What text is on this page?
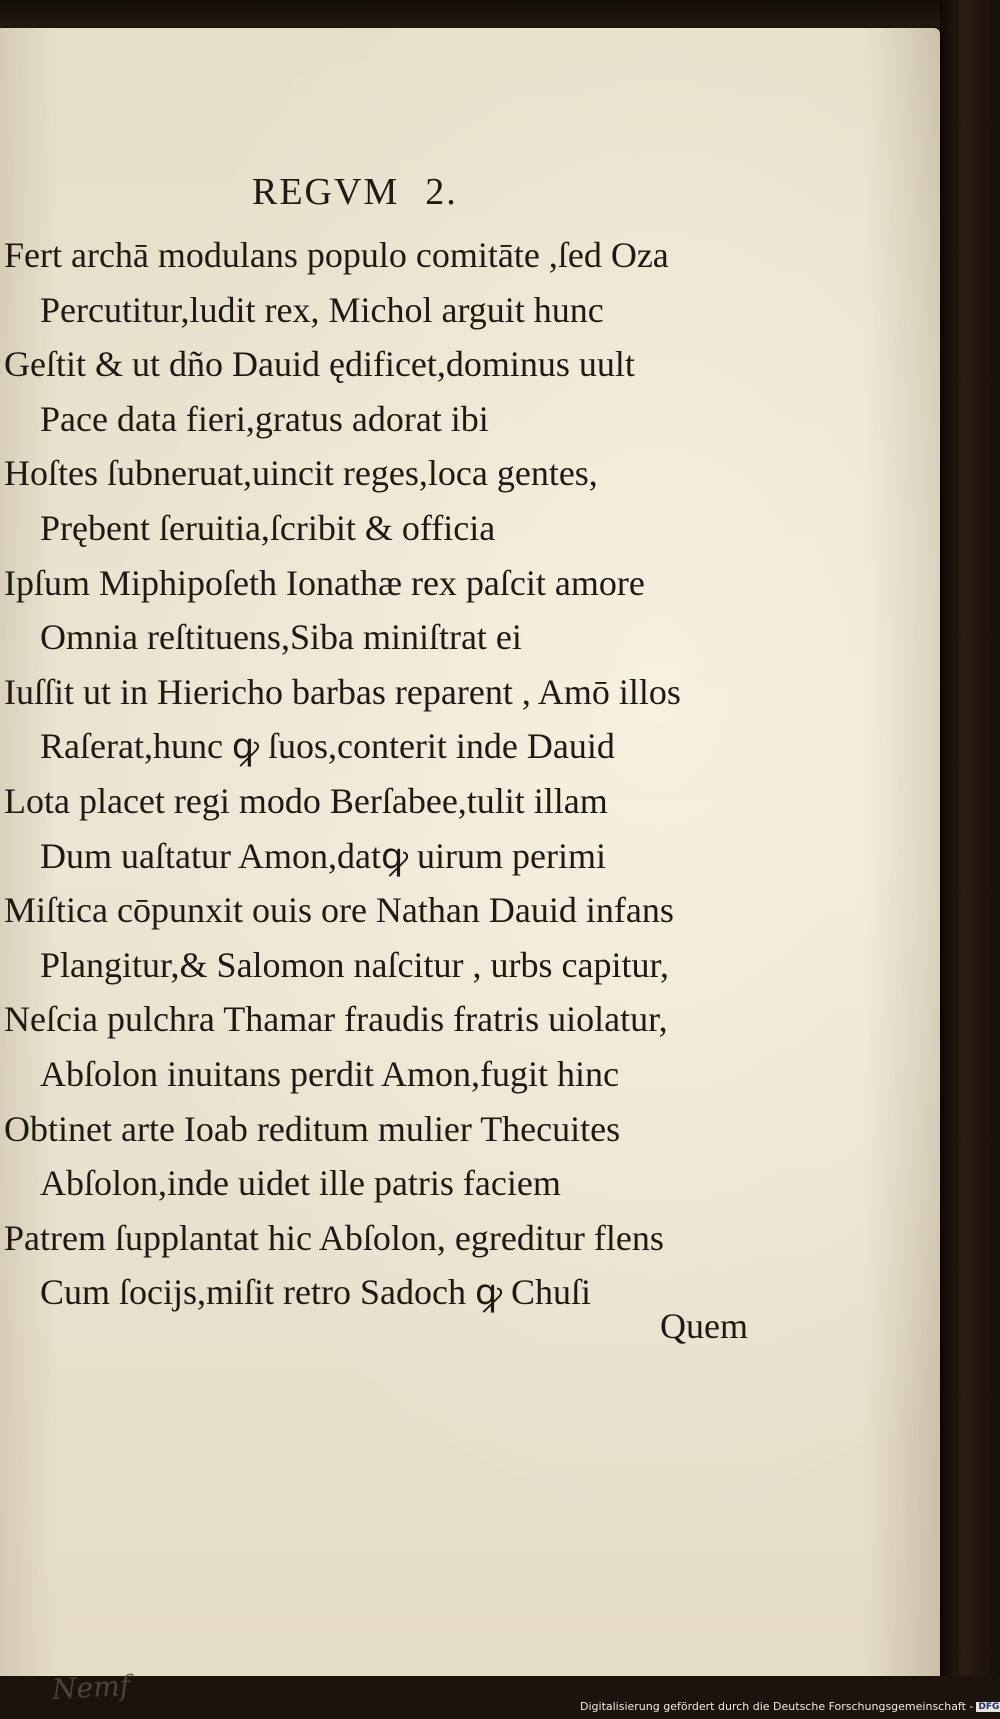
REGVM 2.
Fert archā modulans populo comitāte ,ſed Oza
Percutitur,ludit rex, Michol arguit hunc
Geſtit & ut dño Dauid ędificet,dominus uult
Pace data fieri,gratus adorat ibi
Hoſtes ſubneruat,uincit reges,loca gentes,
Prębent ſeruitia,ſcribit & officia
Ipſum Miphipoſeth Ionathæ rex paſcit amore
Omnia reſtituens,Siba miniſtrat ei
Iuſſit ut in Hiericho barbas reparent , Amō illos
Raſerat,hunc ꝙ ſuos,conterit inde Dauid
Lota placet regi modo Berſabee,tulit illam
Dum uaſtatur Amon,datꝙ uirum perimi
Miſtica cōpunxit ouis ore Nathan Dauid infans
Plangitur,& Salomon naſcitur , urbs capitur,
Neſcia pulchra Thamar fraudis fratris uiolatur,
Abſolon inuitans perdit Amon,fugit hinc
Obtinet arte Ioab reditum mulier Thecuites
Abſolon,inde uidet ille patris faciem
Patrem ſupplantat hic Abſolon, egreditur flens
Cum ſocijs,miſit retro Sadoch ꝙ Chuſi
Quem
Nemf
Digitalisierung gefördert durch die Deutsche Forschungsgemeinschaft - DFG
